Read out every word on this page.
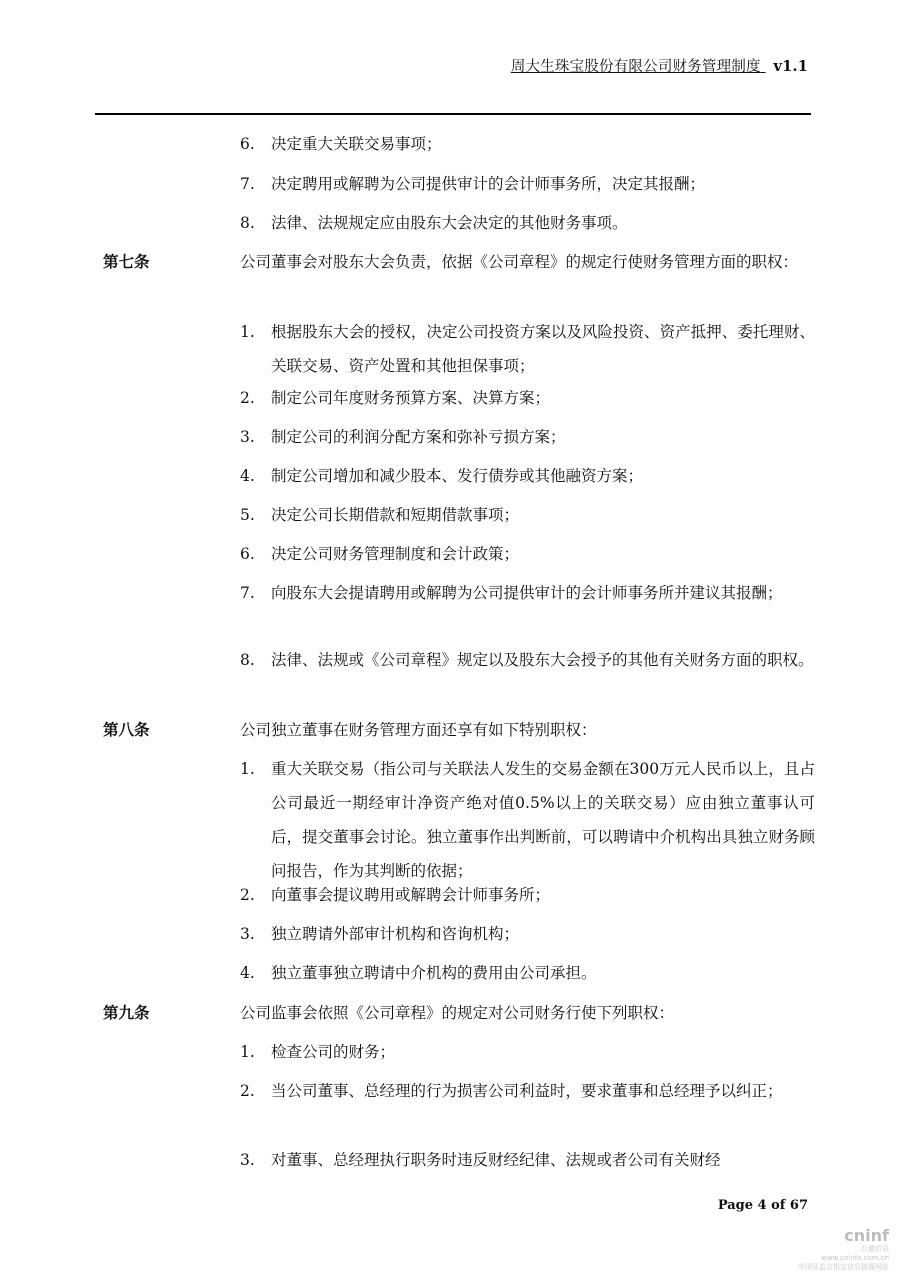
周大生珠宝股份有限公司财务管理制度 v1.1
6. 决定重大关联交易事项；
7. 决定聘用或解聘为公司提供审计的会计师事务所，决定其报酬；
8. 法律、法规规定应由股东大会决定的其他财务事项。
第七条	公司董事会对股东大会负责，依据《公司章程》的规定行使财务管理方面的职权：
1. 根据股东大会的授权，决定公司投资方案以及风险投资、资产抵押、委托理财、关联交易、资产处置和其他担保事项；
2. 制定公司年度财务预算方案、决算方案；
3. 制定公司的利润分配方案和弥补亏损方案；
4. 制定公司增加和减少股本、发行债券或其他融资方案；
5. 决定公司长期借款和短期借款事项；
6. 决定公司财务管理制度和会计政策；
7. 向股东大会提请聘用或解聘为公司提供审计的会计师事务所并建议其报酬；
8. 法律、法规或《公司章程》规定以及股东大会授予的其他有关财务方面的职权。
第八条	公司独立董事在财务管理方面还享有如下特别职权：
1. 重大关联交易（指公司与关联法人发生的交易金额在300万元人民币以上，且占公司最近一期经审计净资产绝对值0.5%以上的关联交易）应由独立董事认可后，提交董事会讨论。独立董事作出判断前，可以聘请中介机构出具独立财务顾问报告，作为其判断的依据；
2. 向董事会提议聘用或解聘会计师事务所；
3. 独立聘请外部审计机构和咨询机构；
4. 独立董事独立聘请中介机构的费用由公司承担。
第九条	公司监事会依照《公司章程》的规定对公司财务行使下列职权：
1. 检查公司的财务；
2. 当公司董事、总经理的行为损害公司利益时，要求董事和总经理予以纠正；
3. 对董事、总经理执行职务时违反财经纪律、法规或者公司有关财经
Page 4 of 67
cninf
巨潮资讯
www.cninfo.com.cn
中国证监会指定信息披露网站
